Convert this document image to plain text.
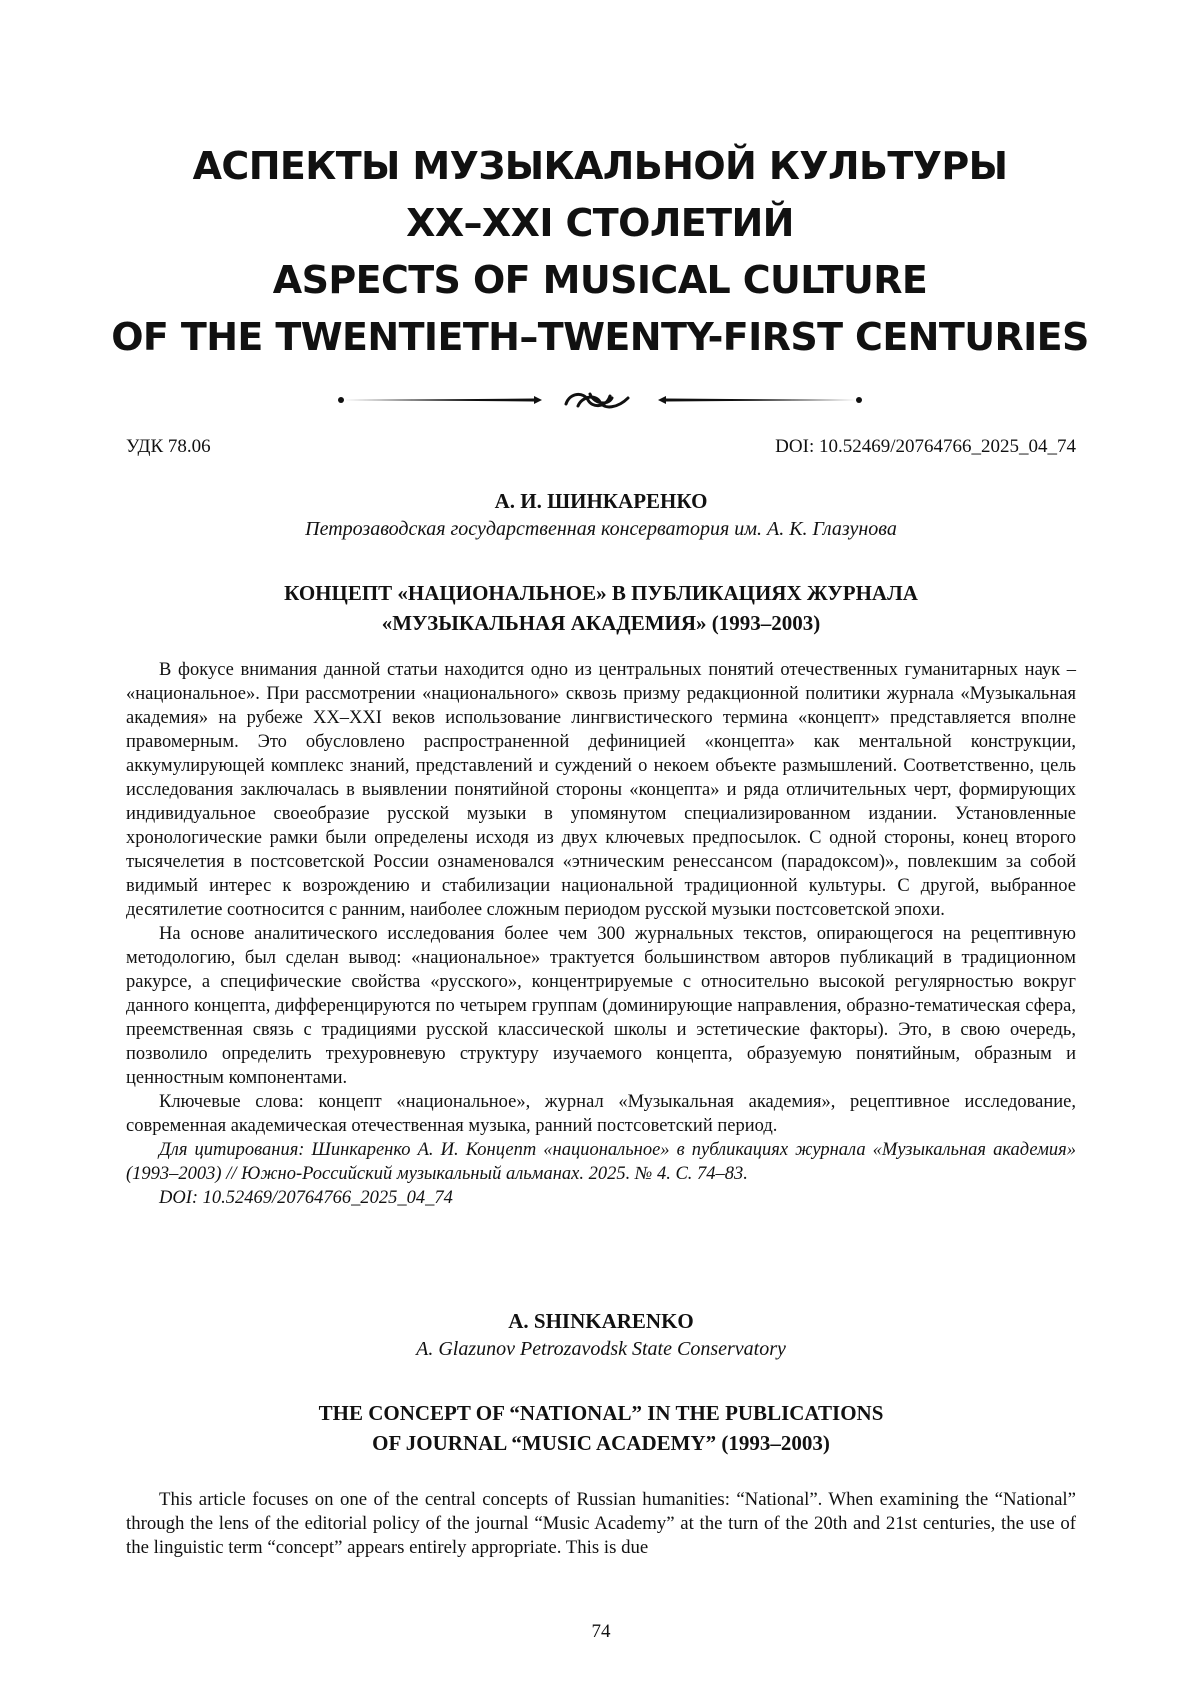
АСПЕКТЫ МУЗЫКАЛЬНОЙ КУЛЬТУРЫ
XX–XXI СТОЛЕТИЙ
ASPECTS OF MUSICAL CULTURE
OF THE TWENTIETH–TWENTY-FIRST CENTURIES
УДК 78.06	DOI: 10.52469/20764766_2025_04_74
А. И. ШИНКАРЕНКО
Петрозаводская государственная консерватория им. А. К. Глазунова
КОНЦЕПТ «НАЦИОНАЛЬНОЕ» В ПУБЛИКАЦИЯХ ЖУРНАЛА
«МУЗЫКАЛЬНАЯ АКАДЕМИЯ» (1993–2003)

В фокусе внимания данной статьи находится одно из центральных понятий отечественных гуманитарных наук – «национальное». При рассмотрении «национального» сквозь призму редакционной политики журнала «Музыкальная академия» на рубеже XX–XXI веков использование лингвистического термина «концепт» представляется вполне правомерным. Это обусловлено распространенной дефиницией «концепта» как ментальной конструкции, аккумулирующей комплекс знаний, представлений и суждений о некоем объекте размышлений. Соответственно, цель исследования заключалась в выявлении понятийной стороны «концепта» и ряда отличительных черт, формирующих индивидуальное своеобразие русской музыки в упомянутом специализированном издании. Установленные хронологические рамки были определены исходя из двух ключевых предпосылок. С одной стороны, конец второго тысячелетия в постсоветской России ознаменовался «этническим ренессансом (парадоксом)», повлекшим за собой видимый интерес к возрождению и стабилизации национальной традиционной культуры. С другой, выбранное десятилетие соотносится с ранним, наиболее сложным периодом русской музыки постсоветской эпохи.

На основе аналитического исследования более чем 300 журнальных текстов, опирающегося на рецептивную методологию, был сделан вывод: «национальное» трактуется большинством авторов публикаций в традиционном ракурсе, а специфические свойства «русского», концентрируемые с относительно высокой регулярностью вокруг данного концепта, дифференцируются по четырем группам (доминирующие направления, образно-тематическая сфера, преемственная связь с традициями русской классической школы и эстетические факторы). Это, в свою очередь, позволило определить трехуровневую структуру изучаемого концепта, образуемую понятийным, образным и ценностным компонентами.

Ключевые слова: концепт «национальное», журнал «Музыкальная академия», рецептивное исследование, современная академическая отечественная музыка, ранний постсоветский период.

Для цитирования: Шинкаренко А. И. Концепт «национальное» в публикациях журнала «Музыкальная академия» (1993–2003) // Южно-Российский музыкальный альманах. 2025. № 4. С. 74–83.

DOI: 10.52469/20764766_2025_04_74

A. SHINKARENKO
A. Glazunov Petrozavodsk State Conservatory
THE CONCEPT OF “NATIONAL” IN THE PUBLICATIONS
OF JOURNAL “MUSIC ACADEMY” (1993–2003)

This article focuses on one of the central concepts of Russian humanities: “National”. When examining the “National” through the lens of the editorial policy of the journal “Music Academy” at the turn of the 20th and 21st centuries, the use of the linguistic term “concept” appears entirely appropriate. This is due

74
